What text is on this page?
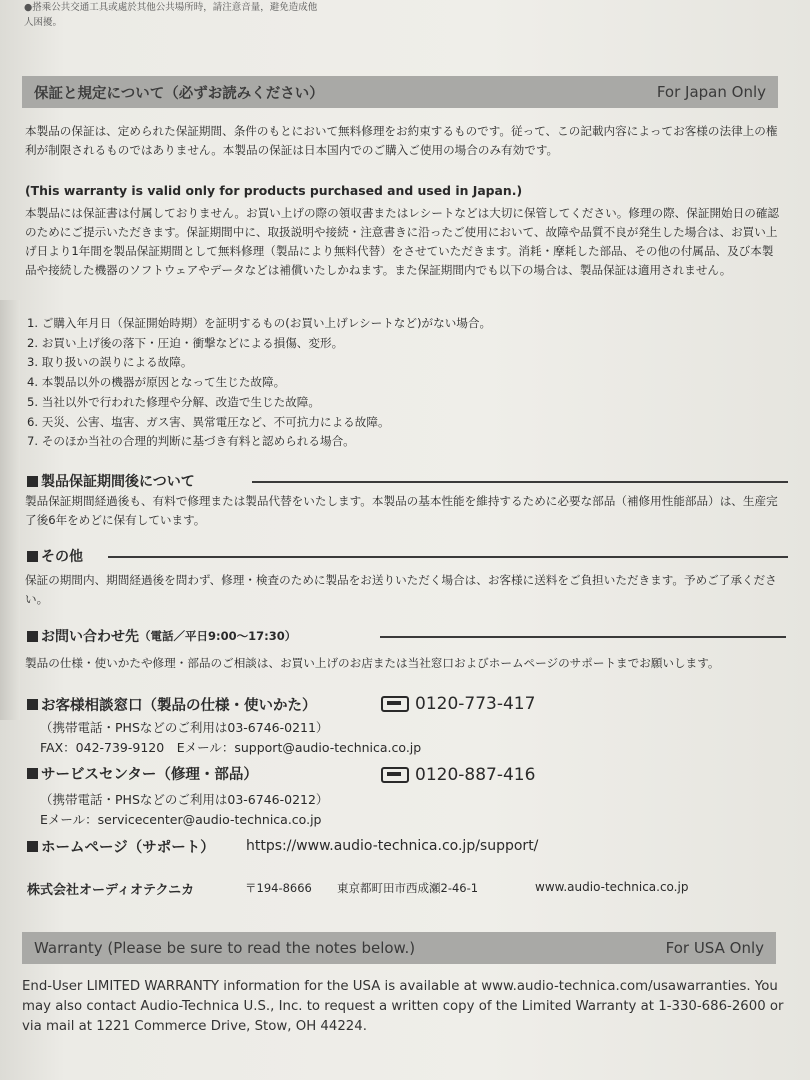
●搭乘公共交通工具或處於其他公共場所時，請注意音量，避免造成他
人困擾。
保証と規定について（必ずお読みください）	For Japan Only

本製品の保証は、定められた保証期間、条件のもとにおいて無料修理をお約束するものです。従って、この記載内容によってお客様の法律上の権利が制限されるものではありません。本製品の保証は日本国内でのご購入ご使用の場合のみ有効です。

(This warranty is valid only for products purchased and used in Japan.)

本製品には保証書は付属しておりません。お買い上げの際の領収書またはレシートなどは大切に保管してください。修理の際、保証開始日の確認のためにご提示いただきます。保証期間中に、取扱説明や接続・注意書きに沿ったご使用において、故障や品質不良が発生した場合は、お買い上げ日より1年間を製品保証期間として無料修理（製品により無料代替）をさせていただきます。消耗・摩耗した部品、その他の付属品、及び本製品や接続した機器のソフトウェアやデータなどは補償いたしかねます。また保証期間内でも以下の場合は、製品保証は適用されません。

1. ご購入年月日（保証開始時期）を証明するもの(お買い上げレシートなど)がない場合。
2. お買い上げ後の落下・圧迫・衝撃などによる損傷、変形。
3. 取り扱いの誤りによる故障。
4. 本製品以外の機器が原因となって生じた故障。
5. 当社以外で行われた修理や分解、改造で生じた故障。
6. 天災、公害、塩害、ガス害、異常電圧など、不可抗力による故障。
7. そのほか当社の合理的判断に基づき有料と認められる場合。
製品保証期間後について

製品保証期間経過後も、有料で修理または製品代替をいたします。本製品の基本性能を維持するために必要な部品（補修用性能部品）は、生産完了後6年をめどに保有しています。

その他

保証の期間内、期間経過後を問わず、修理・検査のために製品をお送りいただく場合は、お客様に送料をご負担いただきます。予めご了承ください。

お問い合わせ先 （電話／平日9:00～17:30）

製品の仕様・使いかたや修理・部品のご相談は、お買い上げのお店または当社窓口およびホームページのサポートまでお願いします。

お客様相談窓口（製品の仕様・使いかた）	0120-773-417
（携帯電話・PHSなどのご利用は03-6746-0211）
FAX：042-739-9120　Eメール：support@audio-technica.co.jp
サービスセンター（修理・部品）	0120-887-416
（携帯電話・PHSなどのご利用は03-6746-0212）
Eメール：servicecenter@audio-technica.co.jp
ホームページ（サポート） https://www.audio-technica.co.jp/support/
株式会社オーディオテクニカ	〒194-8666 東京都町田市西成瀬2-46-1	www.audio-technica.co.jp
Warranty (Please be sure to read the notes below.)	For USA Only

End-User LIMITED WARRANTY information for the USA is available at www.audio-technica.com/usawarranties. You may also contact Audio-Technica U.S., Inc. to request a written copy of the Limited Warranty at 1-330-686-2600 or via mail at 1221 Commerce Drive, Stow, OH 44224.
